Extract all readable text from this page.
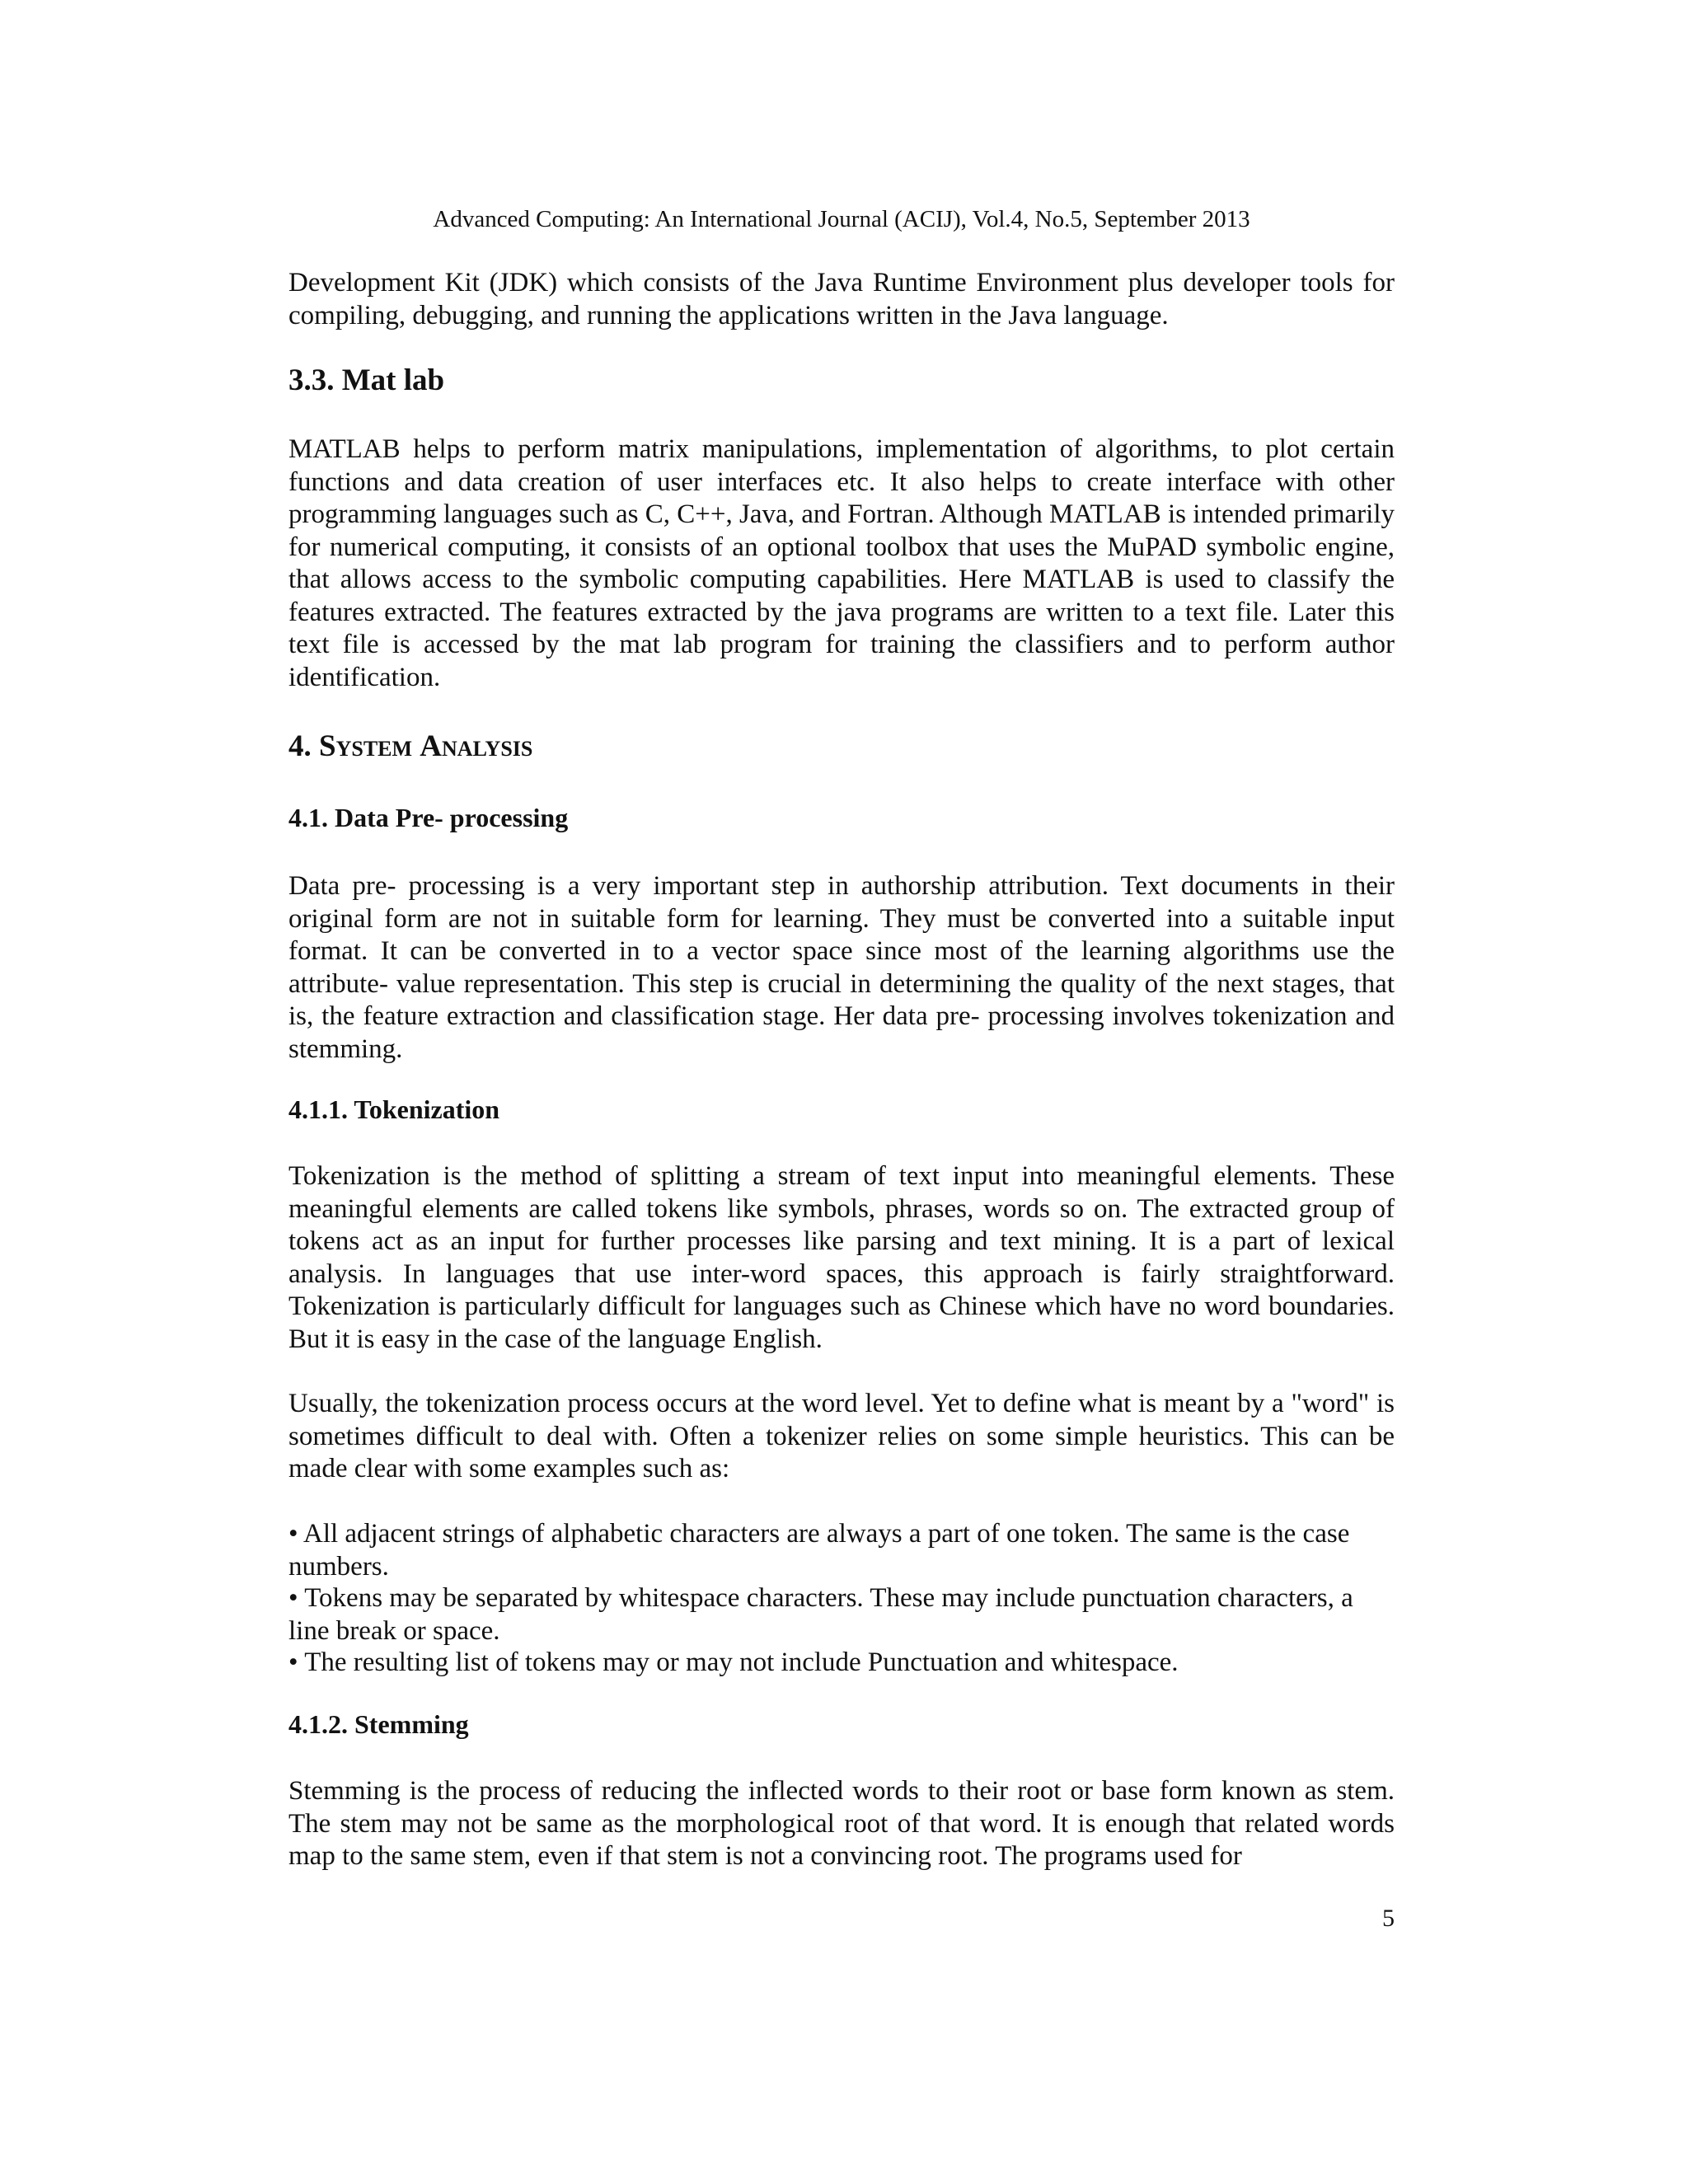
Advanced Computing: An International Journal (ACIJ), Vol.4, No.5, September 2013

Development Kit (JDK) which consists of the Java Runtime Environment plus developer tools for compiling, debugging, and running the applications written in the Java language.

3.3. Mat lab

MATLAB helps to perform matrix manipulations, implementation of algorithms, to plot certain functions and data creation of user interfaces etc. It also helps to create interface with other programming languages such as C, C++, Java, and Fortran. Although MATLAB is intended primarily for numerical computing, it consists of an optional toolbox that uses the MuPAD symbolic engine, that allows access to the symbolic computing capabilities. Here MATLAB is used to classify the features extracted. The features extracted by the java programs are written to a text file. Later this text file is accessed by the mat lab program for training the classifiers and to perform author identification.

4. System Analysis
4.1. Data Pre- processing

Data pre- processing is a very important step in authorship attribution. Text documents in their original form are not in suitable form for learning. They must be converted into a suitable input format. It can be converted in to a vector space since most of the learning algorithms use the attribute- value representation. This step is crucial in determining the quality of the next stages, that is, the feature extraction and classification stage. Her data pre- processing involves tokenization and stemming.

4.1.1. Tokenization

Tokenization is the method of splitting a stream of text input into meaningful elements. These meaningful elements are called tokens like symbols, phrases, words so on. The extracted group of tokens act as an input for further processes like parsing and text mining. It is a part of lexical analysis. In languages that use inter-word spaces, this approach is fairly straightforward. Tokenization is particularly difficult for languages such as Chinese which have no word boundaries. But it is easy in the case of the language English.

Usually, the tokenization process occurs at the word level. Yet to define what is meant by a "word" is sometimes difficult to deal with. Often a tokenizer relies on some simple heuristics. This can be made clear with some examples such as:

• All adjacent strings of alphabetic characters are always a part of one token. The same is the case numbers.

• Tokens may be separated by whitespace characters. These may include punctuation characters, a line break or space.

• The resulting list of tokens may or may not include Punctuation and whitespace.

4.1.2. Stemming

Stemming is the process of reducing the inflected words to their root or base form known as stem. The stem may not be same as the morphological root of that word. It is enough that related words map to the same stem, even if that stem is not a convincing root. The programs used for

5
